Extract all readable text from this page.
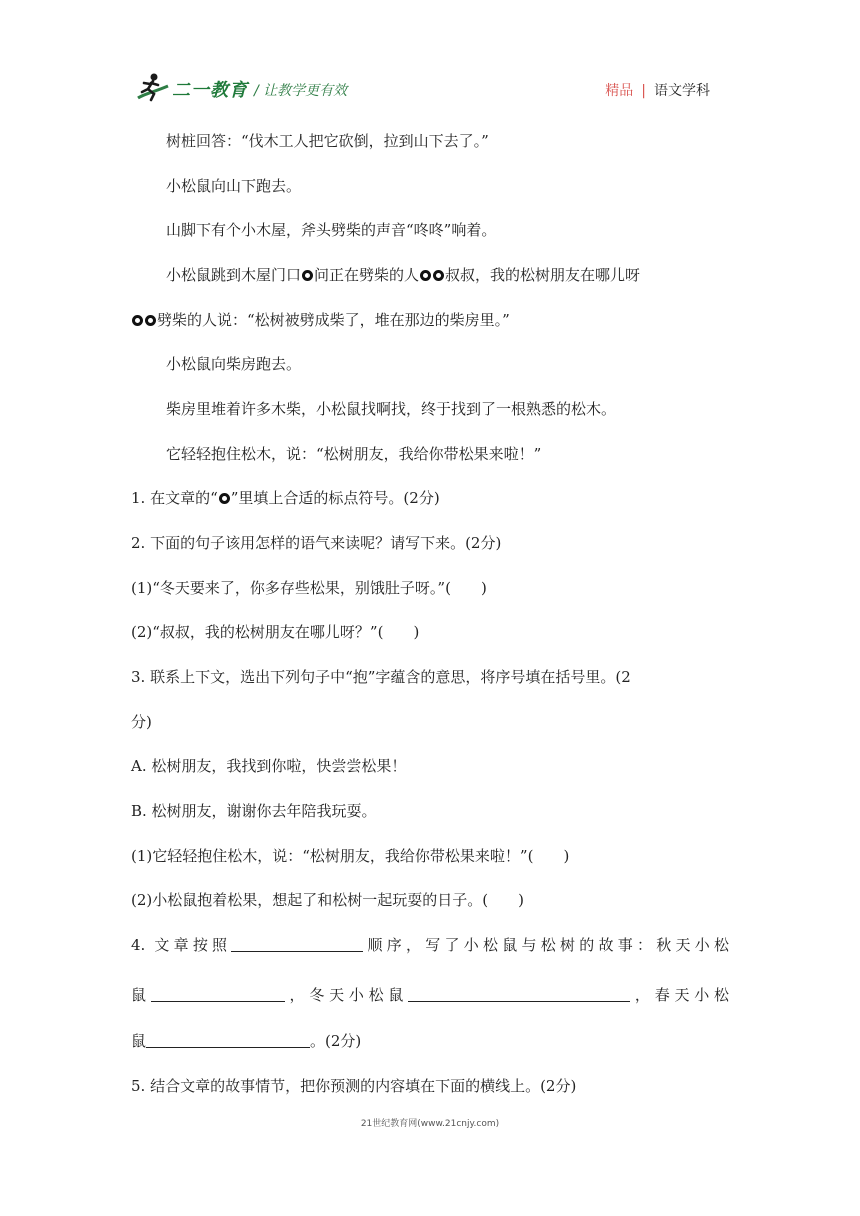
二一教育 / 让教学更有效	精品 | 语文学科
树桩回答：“伐木工人把它砍倒，拉到山下去了。”
小松鼠向山下跑去。
山脚下有个小木屋，斧头劈柴的声音“咚咚”响着。
小松鼠跳到木屋门口 问正在劈柴的人 叔叔，我的松树朋友在哪儿呀
劈柴的人说：“松树被劈成柴了，堆在那边的柴房里。”
小松鼠向柴房跑去。
柴房里堆着许多木柴，小松鼠找啊找，终于找到了一根熟悉的松木。
它轻轻抱住松木，说：“松树朋友，我给你带松果来啦！”
1. 在文章的“ ”里填上合适的标点符号。(2分)
2. 下面的句子该用怎样的语气来读呢？请写下来。(2分)
(1)“冬天要来了，你多存些松果，别饿肚子呀。”(　　)
(2)“叔叔，我的松树朋友在哪儿呀？”(　　)
3. 联系上下文，选出下列句子中“抱”字蕴含的意思，将序号填在括号里。(2
分)
A. 松树朋友，我找到你啦，快尝尝松果！
B. 松树朋友，谢谢你去年陪我玩耍。
(1)它轻轻抱住松木，说：“松树朋友，我给你带松果来啦！”(　　)
(2)小松鼠抱着松果，想起了和松树一起玩耍的日子。(　　)
4. 文章按照	顺序，写了小松鼠与松树的故事：秋天小松
鼠	，冬天小松鼠	，春天小松
鼠	。(2分)
5. 结合文章的故事情节，把你预测的内容填在下面的横线上。(2分)
21世纪教育网(www.21cnjy.com)
